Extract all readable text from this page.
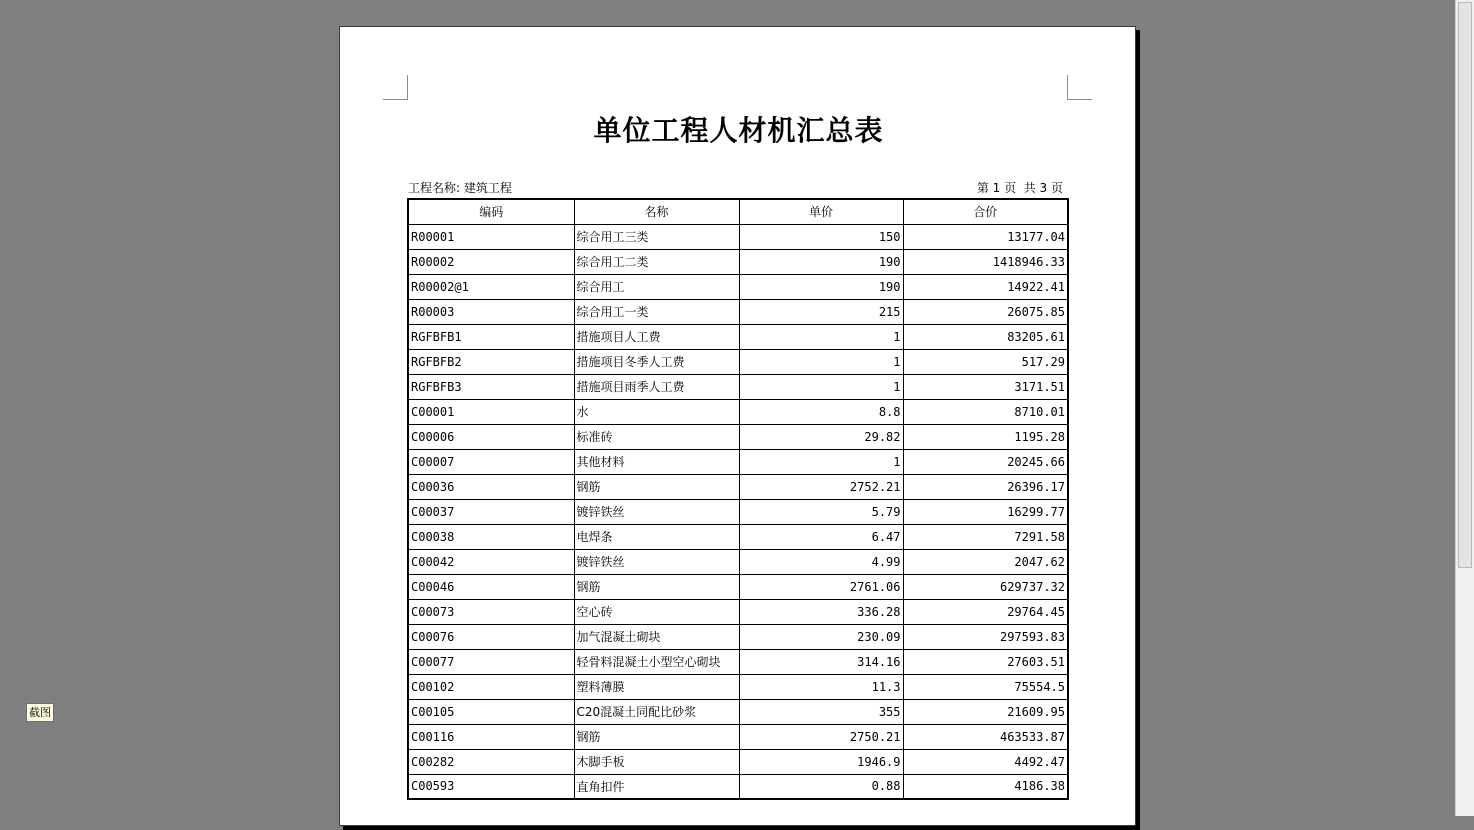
单位工程人材机汇总表
工程名称: 建筑工程	第 1 页  共 3 页
编码	名称	单价	合价
R00001	综合用工三类	150	13177.04
R00002	综合用工二类	190	1418946.33
R00002@1	综合用工	190	14922.41
R00003	综合用工一类	215	26075.85
RGFBFB1	措施项目人工费	1	83205.61
RGFBFB2	措施项目冬季人工费	1	517.29
RGFBFB3	措施项目雨季人工费	1	3171.51
C00001	水	8.8	8710.01
C00006	标准砖	29.82	1195.28
C00007	其他材料	1	20245.66
C00036	钢筋	2752.21	26396.17
C00037	镀锌铁丝	5.79	16299.77
C00038	电焊条	6.47	7291.58
C00042	镀锌铁丝	4.99	2047.62
C00046	钢筋	2761.06	629737.32
C00073	空心砖	336.28	29764.45
C00076	加气混凝土砌块	230.09	297593.83
C00077	轻骨料混凝土小型空心砌块	314.16	27603.51
C00102	塑料薄膜	11.3	75554.5
C00105	C20混凝土同配比砂浆	355	21609.95
C00116	钢筋	2750.21	463533.87
C00282	木脚手板	1946.9	4492.47
C00593	直角扣件	0.88	4186.38
截图
